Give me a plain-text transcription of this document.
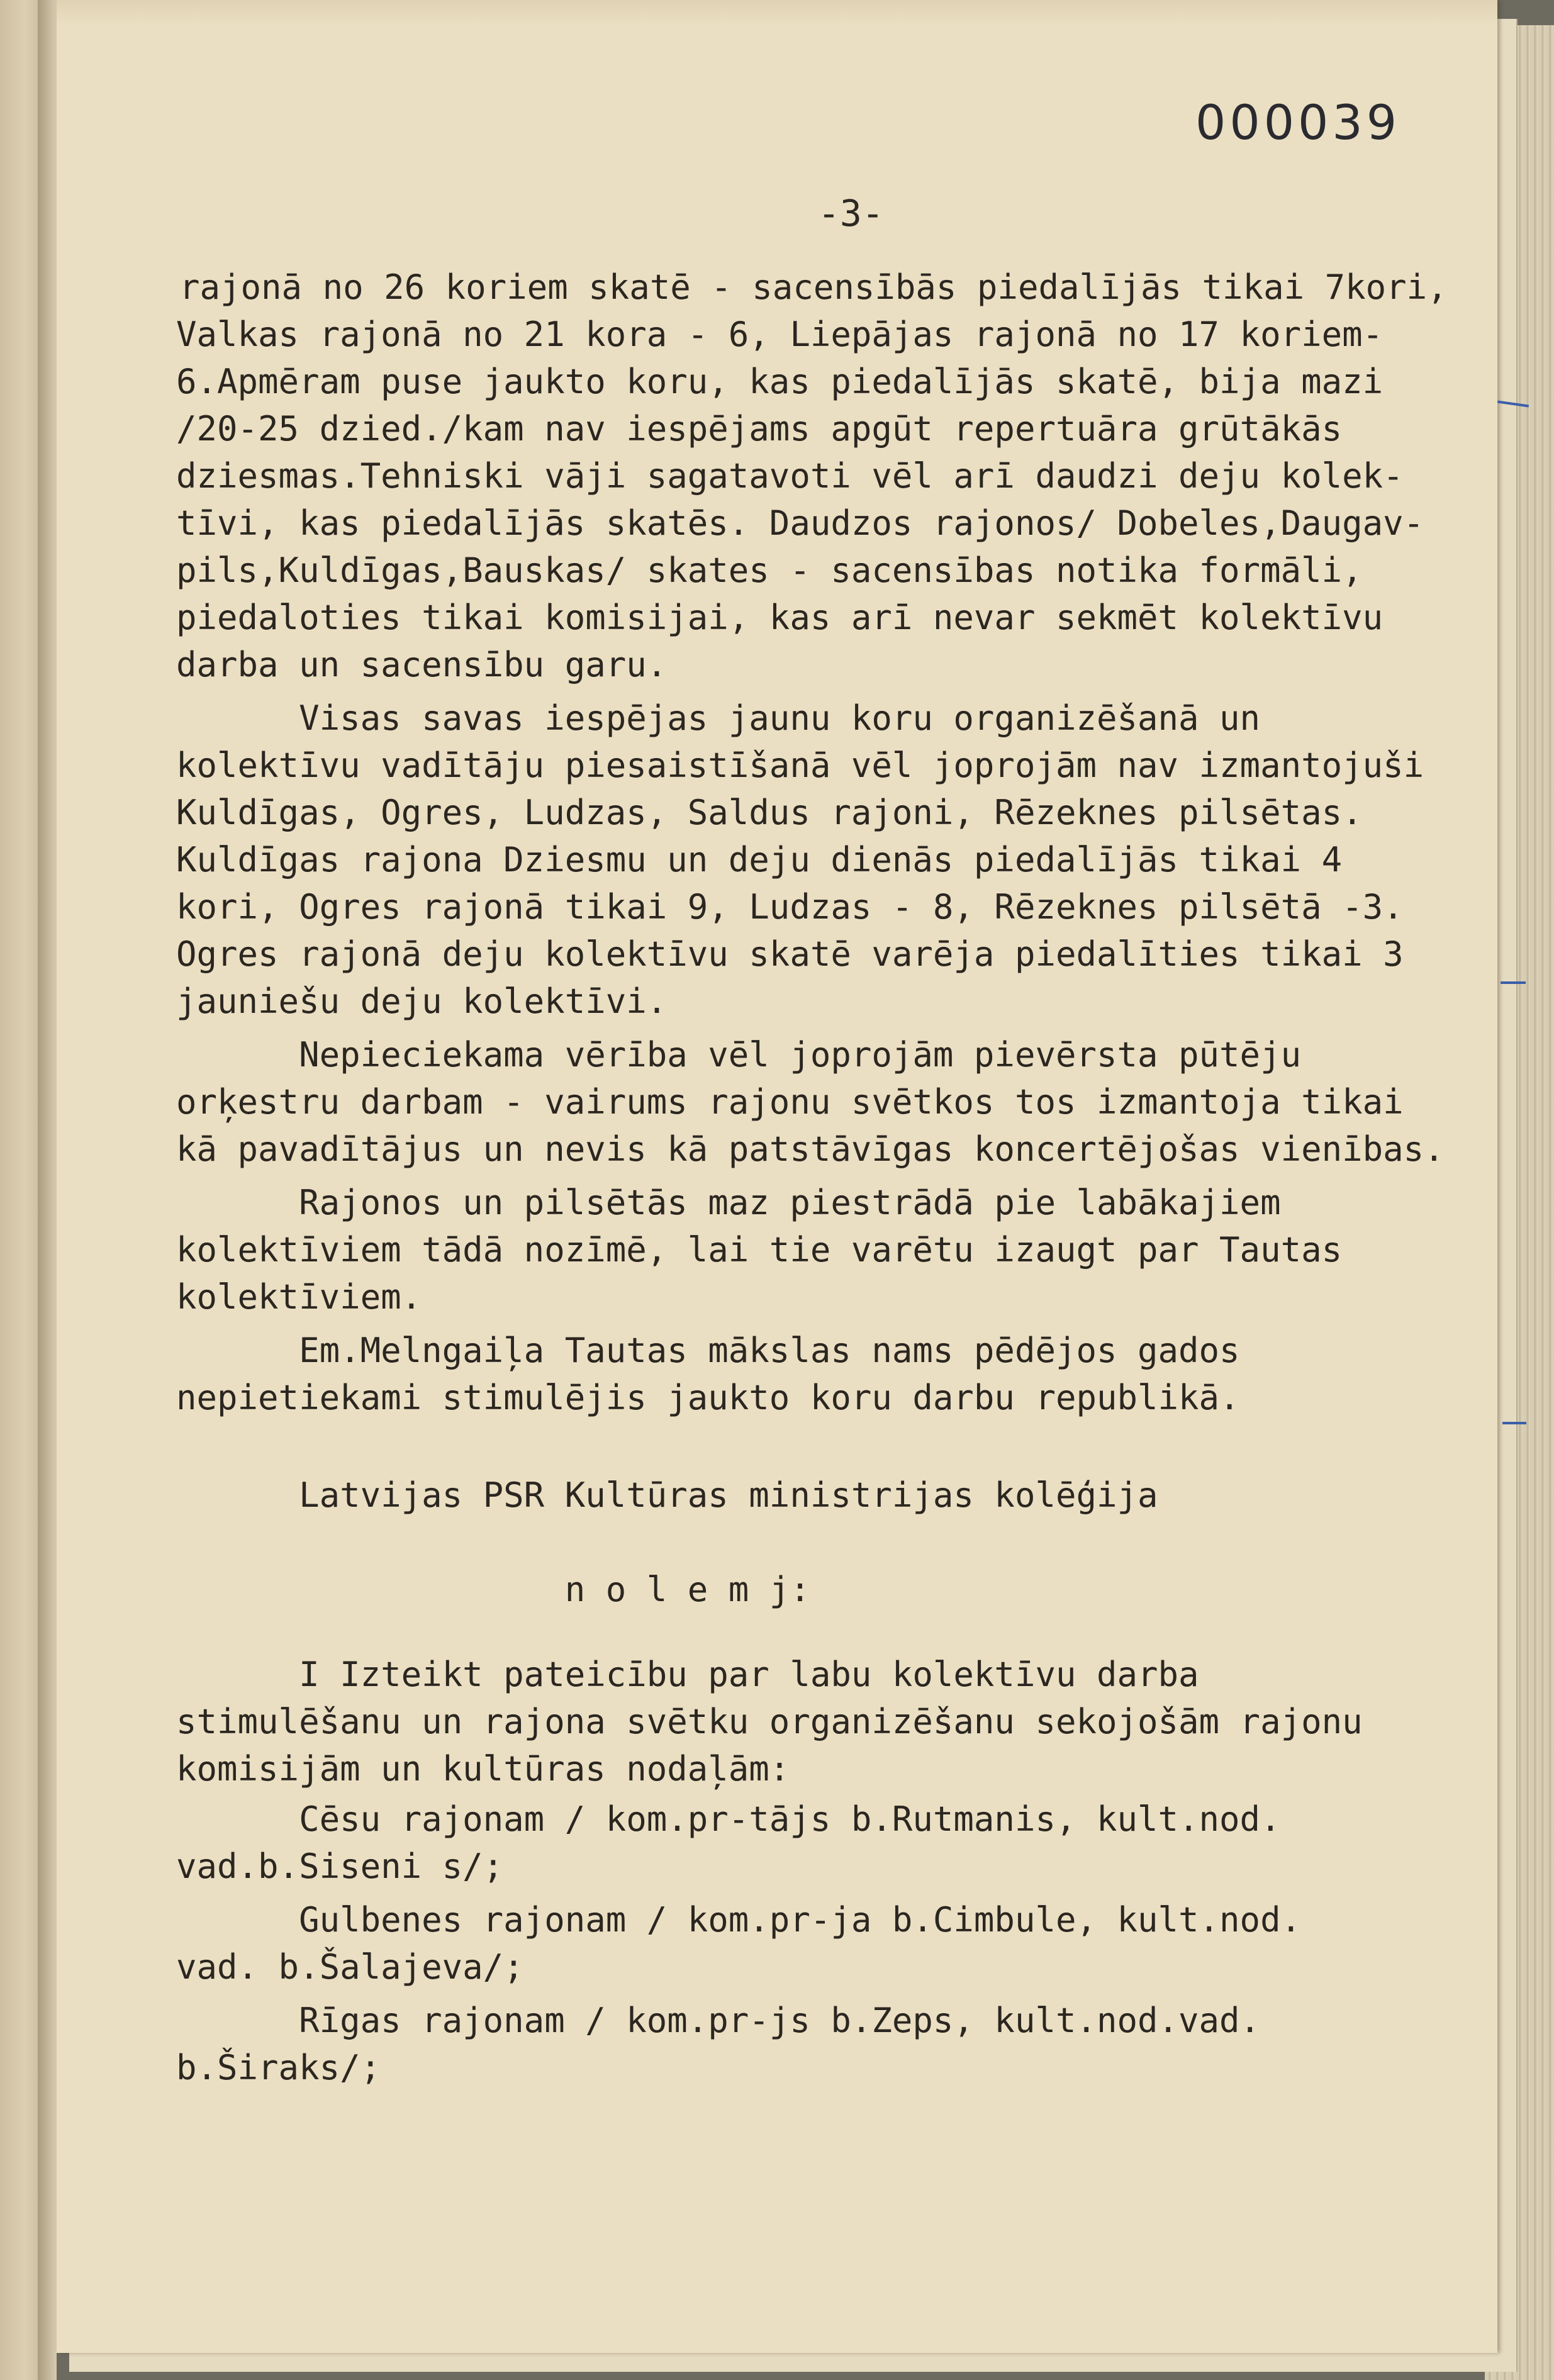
000039
-3-
rajonā no 26 koriem skatē - sacensībās piedalījās tikai 7kori,
Valkas rajonā no 21 kora - 6, Liepājas rajonā no 17 koriem-
6.Apmēram puse jaukto koru, kas piedalījās skatē, bija mazi
/20-25 dzied./kam nav iespējams apgūt repertuāra grūtākās
dziesmas.Tehniski vāji sagatavoti vēl arī daudzi deju kolek-
tīvi, kas piedalījās skatēs. Daudzos rajonos/ Dobeles,Daugav-
pils,Kuldīgas,Bauskas/ skates - sacensības notika formāli,
piedaloties tikai komisijai, kas arī nevar sekmēt kolektīvu
darba un sacensību garu.
Visas savas iespējas jaunu koru organizēšanā un
kolektīvu vadītāju piesaistīšanā vēl joprojām nav izmantojuši
Kuldīgas, Ogres, Ludzas, Saldus rajoni, Rēzeknes pilsētas.
Kuldīgas rajona Dziesmu un deju dienās piedalījās tikai 4
kori, Ogres rajonā tikai 9, Ludzas - 8, Rēzeknes pilsētā -3.
Ogres rajonā deju kolektīvu skatē varēja piedalīties tikai 3
jauniešu deju kolektīvi.
Nepieciekama vērība vēl joprojām pievērsta pūtēju
orķestru darbam - vairums rajonu svētkos tos izmantoja tikai
kā pavadītājus un nevis kā patstāvīgas koncertējošas vienības.
Rajonos un pilsētās maz piestrādā pie labākajiem
kolektīviem tādā nozīmē, lai tie varētu izaugt par Tautas
kolektīviem.
Em.Melngaiļa Tautas mākslas nams pēdējos gados
nepietiekami stimulējis jaukto koru darbu republikā.
Latvijas PSR Kultūras ministrijas kolēģija
n o l e m j:
I Izteikt pateicību par labu kolektīvu darba
stimulēšanu un rajona svētku organizēšanu sekojošām rajonu
komisijām un kultūras nodaļām:
Cēsu rajonam / kom.pr-tājs b.Rutmanis, kult.nod.
vad.b.Siseni s/;
Gulbenes rajonam / kom.pr-ja b.Cimbule, kult.nod.
vad. b.Šalajeva/;
Rīgas rajonam / kom.pr-js b.Zeps, kult.nod.vad.
b.Širaks/;
